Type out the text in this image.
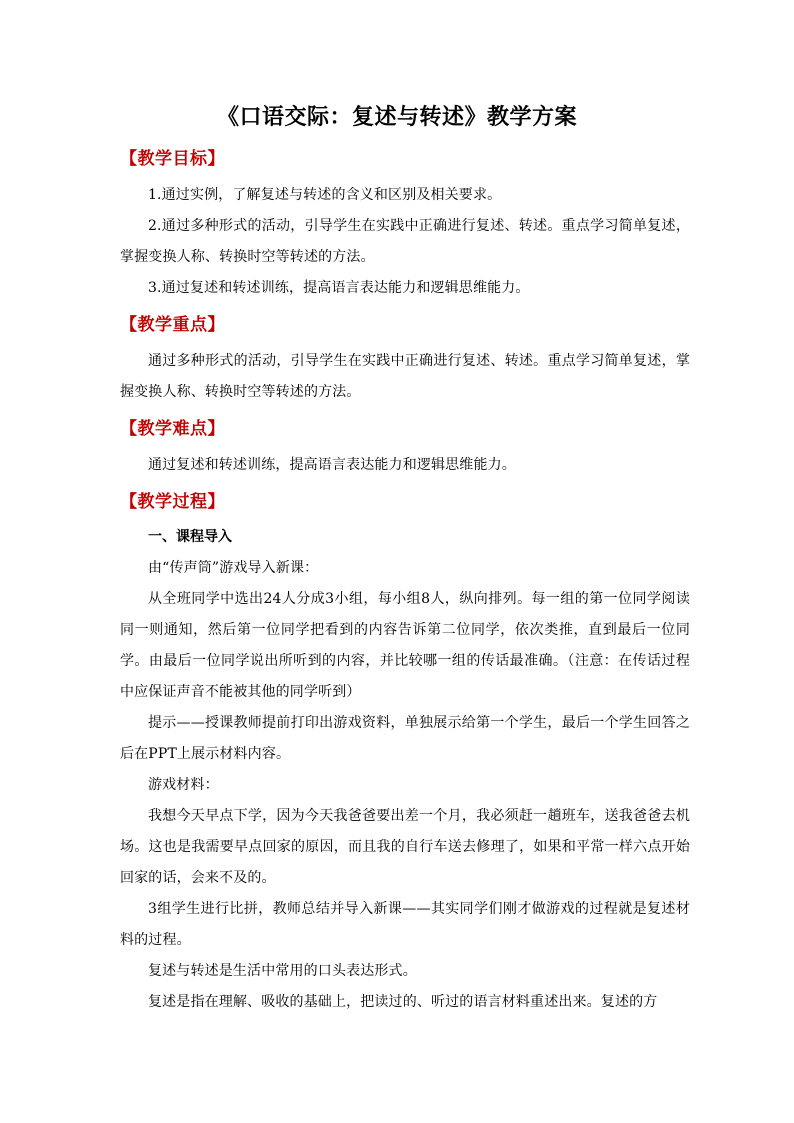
《口语交际：复述与转述》教学方案
【教学目标】

1.通过实例，了解复述与转述的含义和区别及相关要求。

2.通过多种形式的活动，引导学生在实践中正确进行复述、转述。重点学习简单复述，掌握变换人称、转换时空等转述的方法。

3.通过复述和转述训练，提高语言表达能力和逻辑思维能力。

【教学重点】

通过多种形式的活动，引导学生在实践中正确进行复述、转述。重点学习简单复述，掌握变换人称、转换时空等转述的方法。

【教学难点】

通过复述和转述训练，提高语言表达能力和逻辑思维能力。

【教学过程】
一、课程导入

由“传声筒”游戏导入新课：

从全班同学中选出24人分成3小组，每小组8人，纵向排列。每一组的第一位同学阅读同一则通知，然后第一位同学把看到的内容告诉第二位同学，依次类推，直到最后一位同学。由最后一位同学说出所听到的内容，并比较哪一组的传话最准确。（注意：在传话过程中应保证声音不能被其他的同学听到）

提示——授课教师提前打印出游戏资料，单独展示给第一个学生，最后一个学生回答之后在PPT上展示材料内容。

游戏材料：

我想今天早点下学，因为今天我爸爸要出差一个月，我必须赶一趟班车，送我爸爸去机场。这也是我需要早点回家的原因，而且我的自行车送去修理了，如果和平常一样六点开始回家的话，会来不及的。

3组学生进行比拼，教师总结并导入新课——其实同学们刚才做游戏的过程就是复述材料的过程。

复述与转述是生活中常用的口头表达形式。

复述是指在理解、吸收的基础上，把读过的、听过的语言材料重述出来。复述的方
